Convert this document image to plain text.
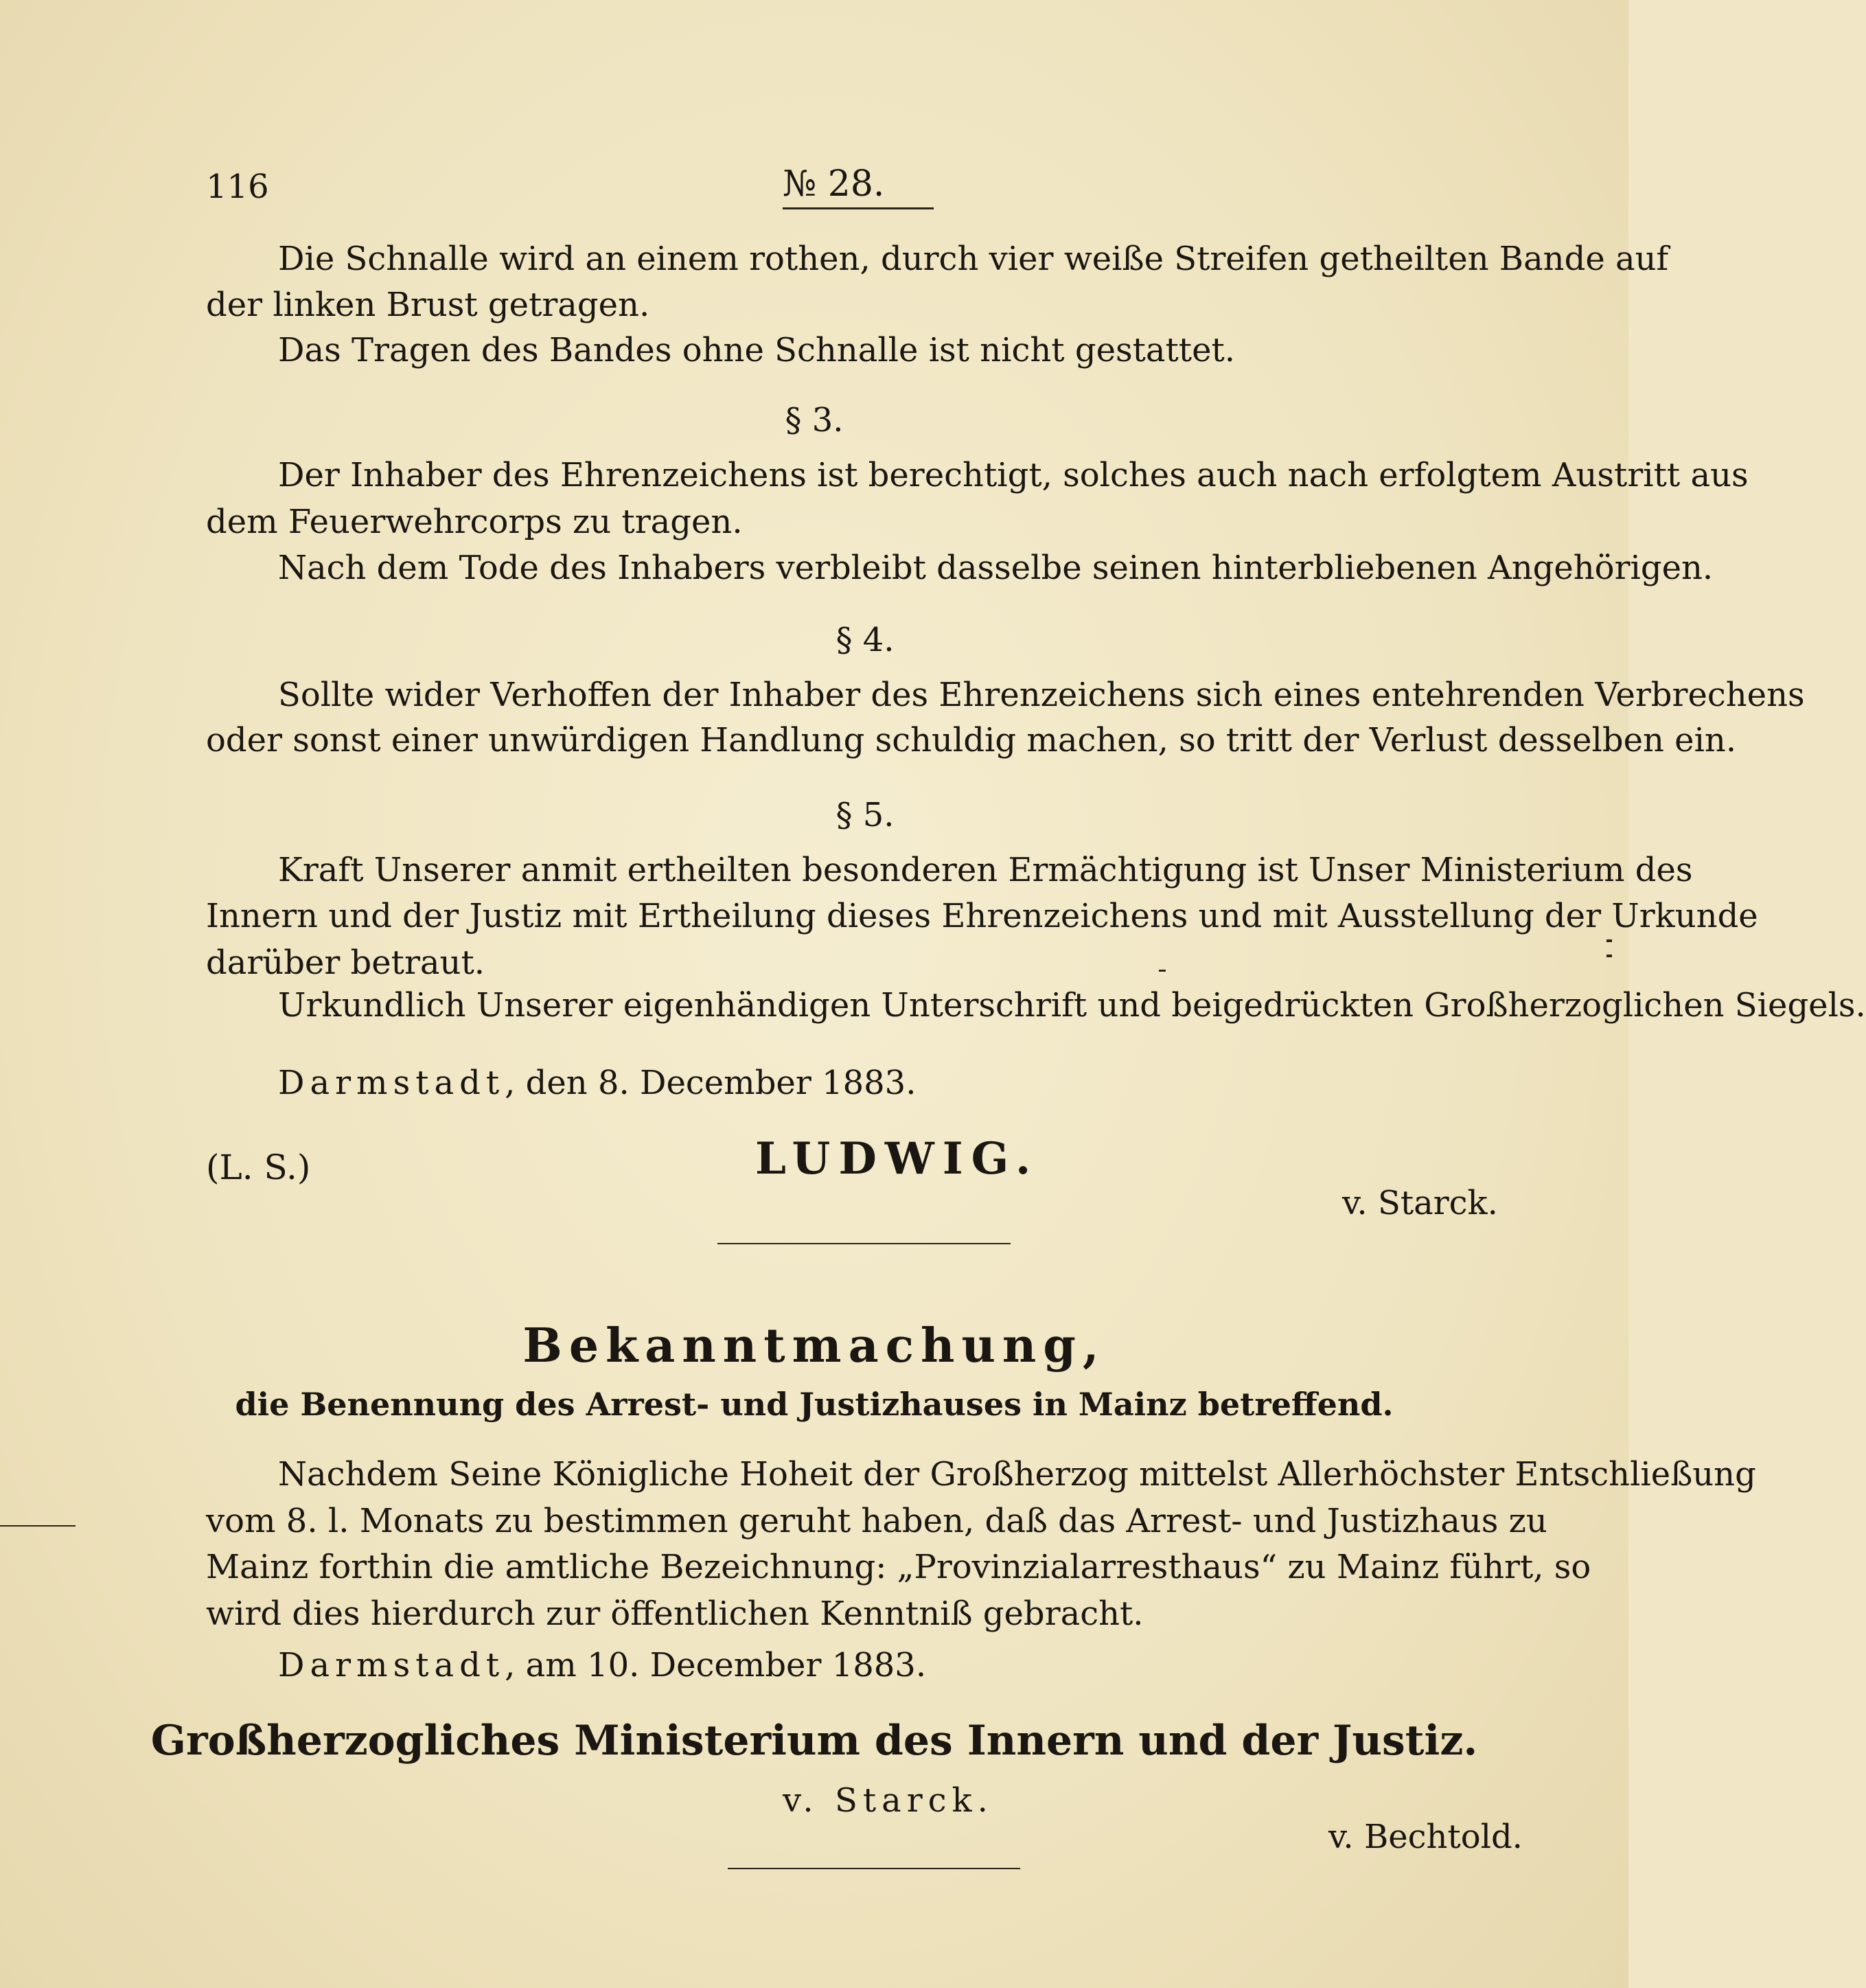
116	№ 28.
Die Schnalle wird an einem rothen, durch vier weiße Streifen getheilten Bande auf
der linken Brust getragen.
Das Tragen des Bandes ohne Schnalle ist nicht gestattet.
§ 3.
Der Inhaber des Ehrenzeichens ist berechtigt, solches auch nach erfolgtem Austritt aus
dem Feuerwehrcorps zu tragen.
Nach dem Tode des Inhabers verbleibt dasselbe seinen hinterbliebenen Angehörigen.
§ 4.
Sollte wider Verhoffen der Inhaber des Ehrenzeichens sich eines entehrenden Verbrechens
oder sonst einer unwürdigen Handlung schuldig machen, so tritt der Verlust desselben ein.
§ 5.
Kraft Unserer anmit ertheilten besonderen Ermächtigung ist Unser Ministerium des
Innern und der Justiz mit Ertheilung dieses Ehrenzeichens und mit Ausstellung der Urkunde
darüber betraut.
Urkundlich Unserer eigenhändigen Unterschrift und beigedrückten Großherzoglichen Siegels.
Darmstadt, den 8. December 1883.
(L. S.)	LUDWIG.
v. Starck.
Bekanntmachung,
die Benennung des Arrest- und Justizhauses in Mainz betreffend.
Nachdem Seine Königliche Hoheit der Großherzog mittelst Allerhöchster Entschließung
vom 8. l. Monats zu bestimmen geruht haben, daß das Arrest- und Justizhaus zu
Mainz forthin die amtliche Bezeichnung: „Provinzialarresthaus“ zu Mainz führt, so
wird dies hierdurch zur öffentlichen Kenntniß gebracht.
Darmstadt, am 10. December 1883.
Großherzogliches Ministerium des Innern und der Justiz.
v. Starck.
v. Bechtold.
